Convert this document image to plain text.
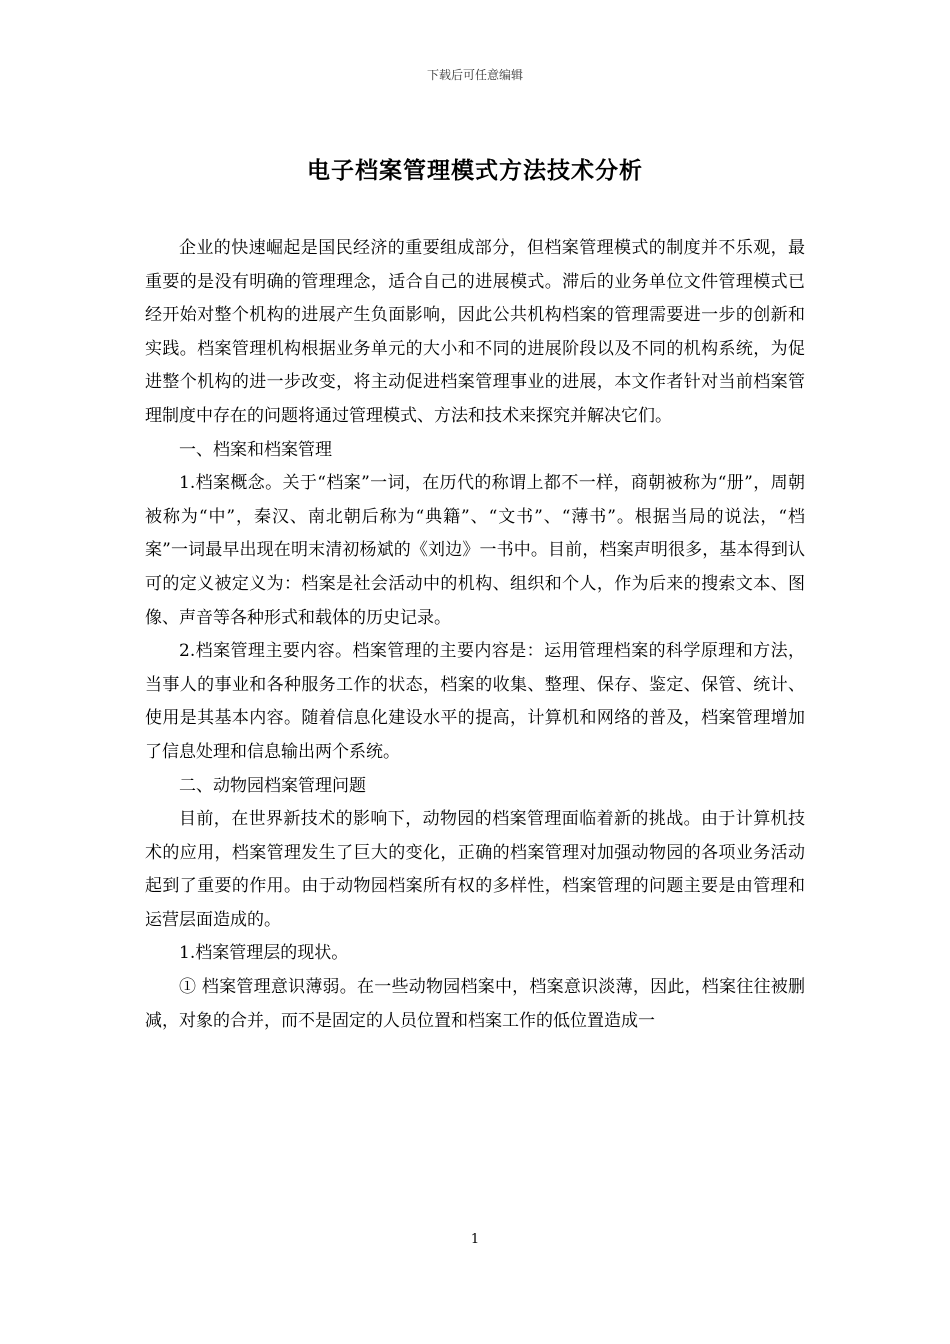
下载后可任意编辑
电子档案管理模式方法技术分析

企业的快速崛起是国民经济的重要组成部分，但档案管理模式的制度并不乐观，最重要的是没有明确的管理理念，适合自己的进展模式。滞后的业务单位文件管理模式已经开始对整个机构的进展产生负面影响，因此公共机构档案的管理需要进一步的创新和实践。档案管理机构根据业务单元的大小和不同的进展阶段以及不同的机构系统，为促进整个机构的进一步改变，将主动促进档案管理事业的进展，本文作者针对当前档案管理制度中存在的问题将通过管理模式、方法和技术来探究并解决它们。

一、档案和档案管理

1.档案概念。关于“档案”一词，在历代的称谓上都不一样，商朝被称为“册”，周朝被称为“中”，秦汉、南北朝后称为“典籍”、“文书”、“薄书”。根据当局的说法，“档案”一词最早出现在明末清初杨斌的《刘边》一书中。目前，档案声明很多，基本得到认可的定义被定义为：档案是社会活动中的机构、组织和个人，作为后来的搜索文本、图像、声音等各种形式和载体的历史记录。

2.档案管理主要内容。档案管理的主要内容是：运用管理档案的科学原理和方法，当事人的事业和各种服务工作的状态，档案的收集、整理、保存、鉴定、保管、统计、使用是其基本内容。随着信息化建设水平的提高，计算机和网络的普及，档案管理增加了信息处理和信息输出两个系统。

二、动物园档案管理问题

目前，在世界新技术的影响下，动物园的档案管理面临着新的挑战。由于计算机技术的应用，档案管理发生了巨大的变化，正确的档案管理对加强动物园的各项业务活动起到了重要的作用。由于动物园档案所有权的多样性，档案管理的问题主要是由管理和运营层面造成的。

1.档案管理层的现状。

① 档案管理意识薄弱。在一些动物园档案中，档案意识淡薄，因此，档案往往被删减，对象的合并，而不是固定的人员位置和档案工作的低位置造成一

1
